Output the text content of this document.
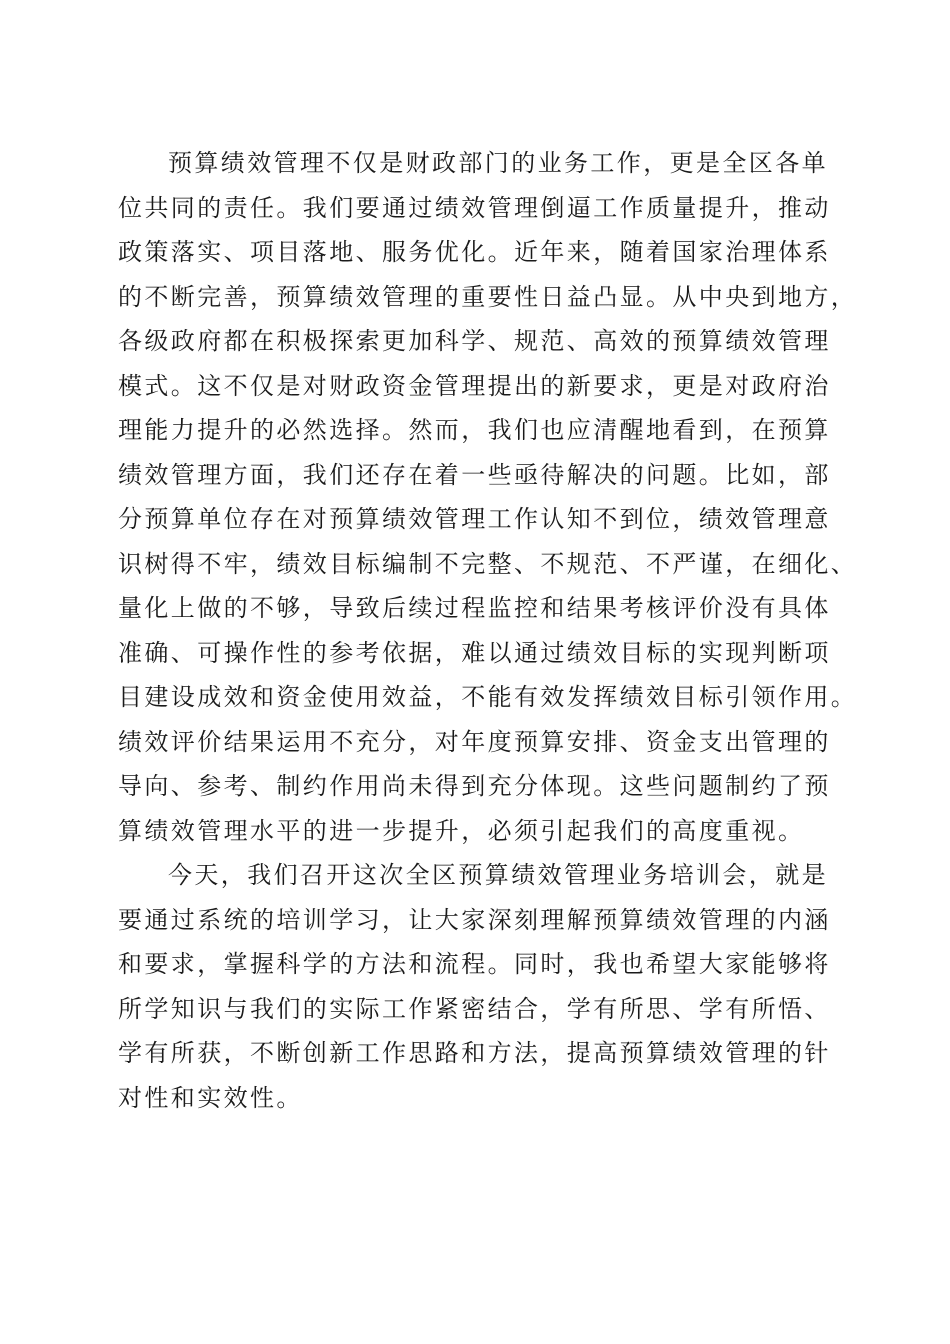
预算绩效管理不仅是财政部门的业务工作，更是全区各单
位共同的责任。我们要通过绩效管理倒逼工作质量提升，推动
政策落实、项目落地、服务优化。近年来，随着国家治理体系
的不断完善，预算绩效管理的重要性日益凸显。从中央到地方，
各级政府都在积极探索更加科学、规范、高效的预算绩效管理
模式。这不仅是对财政资金管理提出的新要求，更是对政府治
理能力提升的必然选择。然而，我们也应清醒地看到，在预算
绩效管理方面，我们还存在着一些亟待解决的问题。比如，部
分预算单位存在对预算绩效管理工作认知不到位，绩效管理意
识树得不牢，绩效目标编制不完整、不规范、不严谨，在细化、
量化上做的不够，导致后续过程监控和结果考核评价没有具体
准确、可操作性的参考依据，难以通过绩效目标的实现判断项
目建设成效和资金使用效益，不能有效发挥绩效目标引领作用。
绩效评价结果运用不充分，对年度预算安排、资金支出管理的
导向、参考、制约作用尚未得到充分体现。这些问题制约了预
算绩效管理水平的进一步提升，必须引起我们的高度重视。
今天，我们召开这次全区预算绩效管理业务培训会，就是
要通过系统的培训学习，让大家深刻理解预算绩效管理的内涵
和要求，掌握科学的方法和流程。同时，我也希望大家能够将
所学知识与我们的实际工作紧密结合，学有所思、学有所悟、
学有所获，不断创新工作思路和方法，提高预算绩效管理的针
对性和实效性。
